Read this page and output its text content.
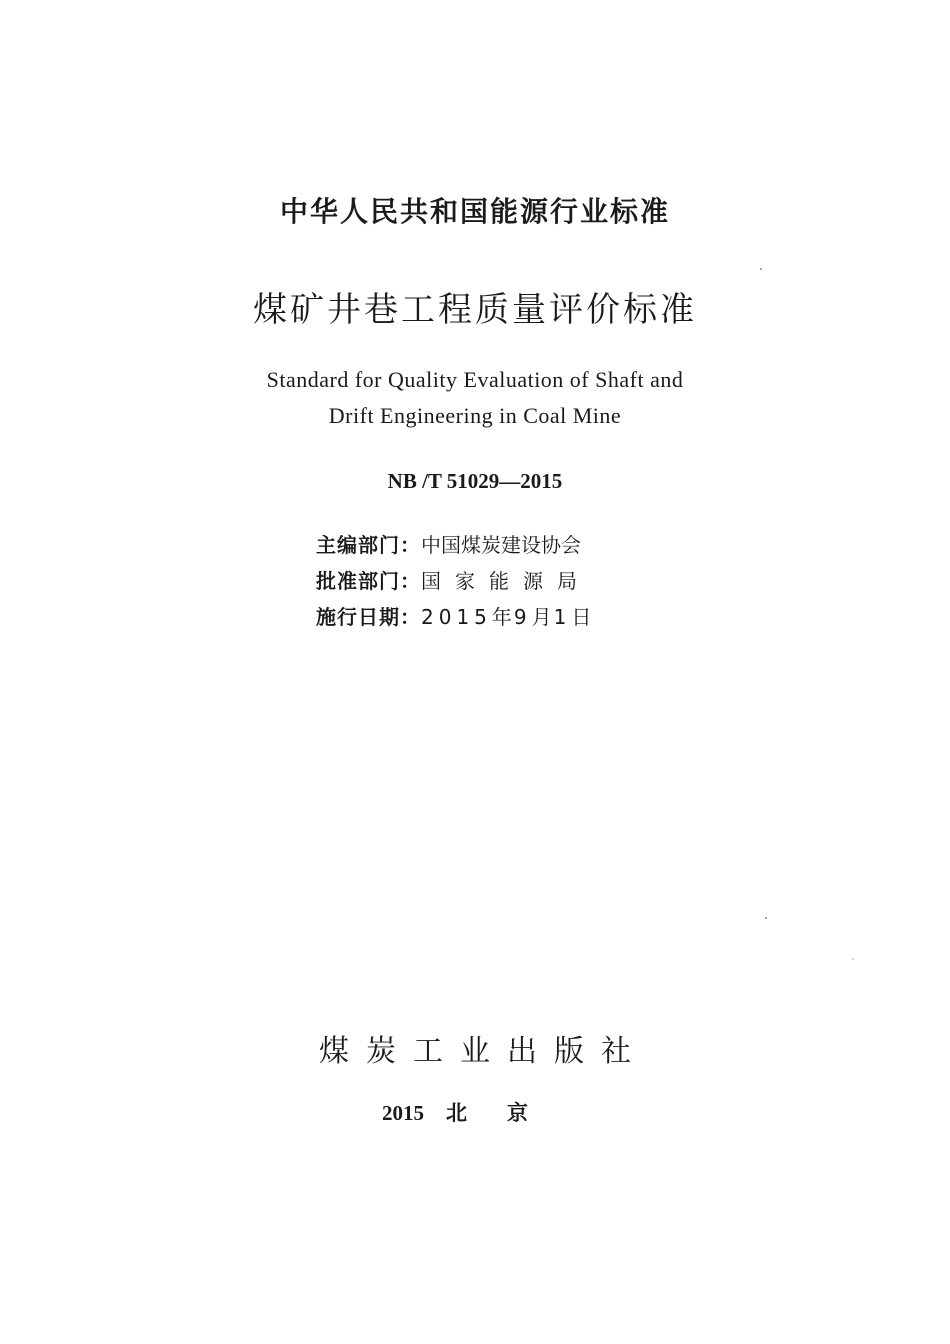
中华人民共和国能源行业标准
煤矿井巷工程质量评价标准
Standard for Quality Evaluation of Shaft and
Drift Engineering in Coal Mine
NB /T 51029—2015
主编部门：中国煤炭建设协会
批准部门：国家能源局
施行日期：2015年 9月 1日
煤炭工业出版社
2015 北京
